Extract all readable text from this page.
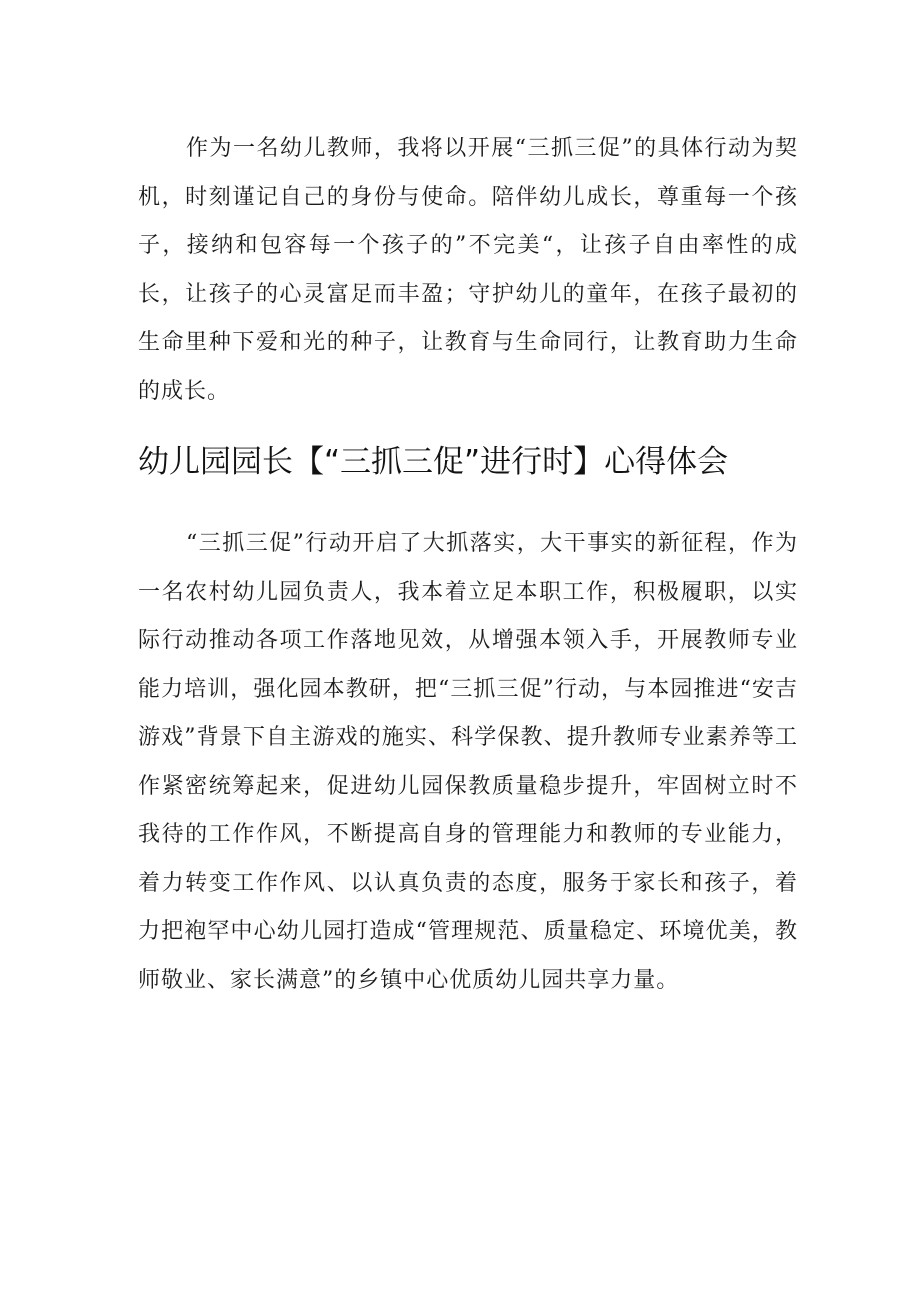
作为一名幼儿教师，我将以开展“三抓三促”的具体行动为契机，时刻谨记自己的身份与使命。陪伴幼儿成长，尊重每一个孩子，接纳和包容每一个孩子的”不完美“，让孩子自由率性的成长，让孩子的心灵富足而丰盈；守护幼儿的童年，在孩子最初的生命里种下爱和光的种子，让教育与生命同行，让教育助力生命的成长。

幼儿园园长【“三抓三促”进行时】心得体会

“三抓三促”行动开启了大抓落实，大干事实的新征程，作为一名农村幼儿园负责人，我本着立足本职工作，积极履职，以实际行动推动各项工作落地见效，从增强本领入手，开展教师专业能力培训，强化园本教研，把“三抓三促”行动，与本园推进“安吉游戏”背景下自主游戏的施实、科学保教、提升教师专业素养等工作紧密统筹起来，促进幼儿园保教质量稳步提升，牢固树立时不我待的工作作风，不断提高自身的管理能力和教师的专业能力，着力转变工作作风、以认真负责的态度，服务于家长和孩子，着力把袍罕中心幼儿园打造成“管理规范、质量稳定、环境优美，教师敬业、家长满意”的乡镇中心优质幼儿园共享力量。
